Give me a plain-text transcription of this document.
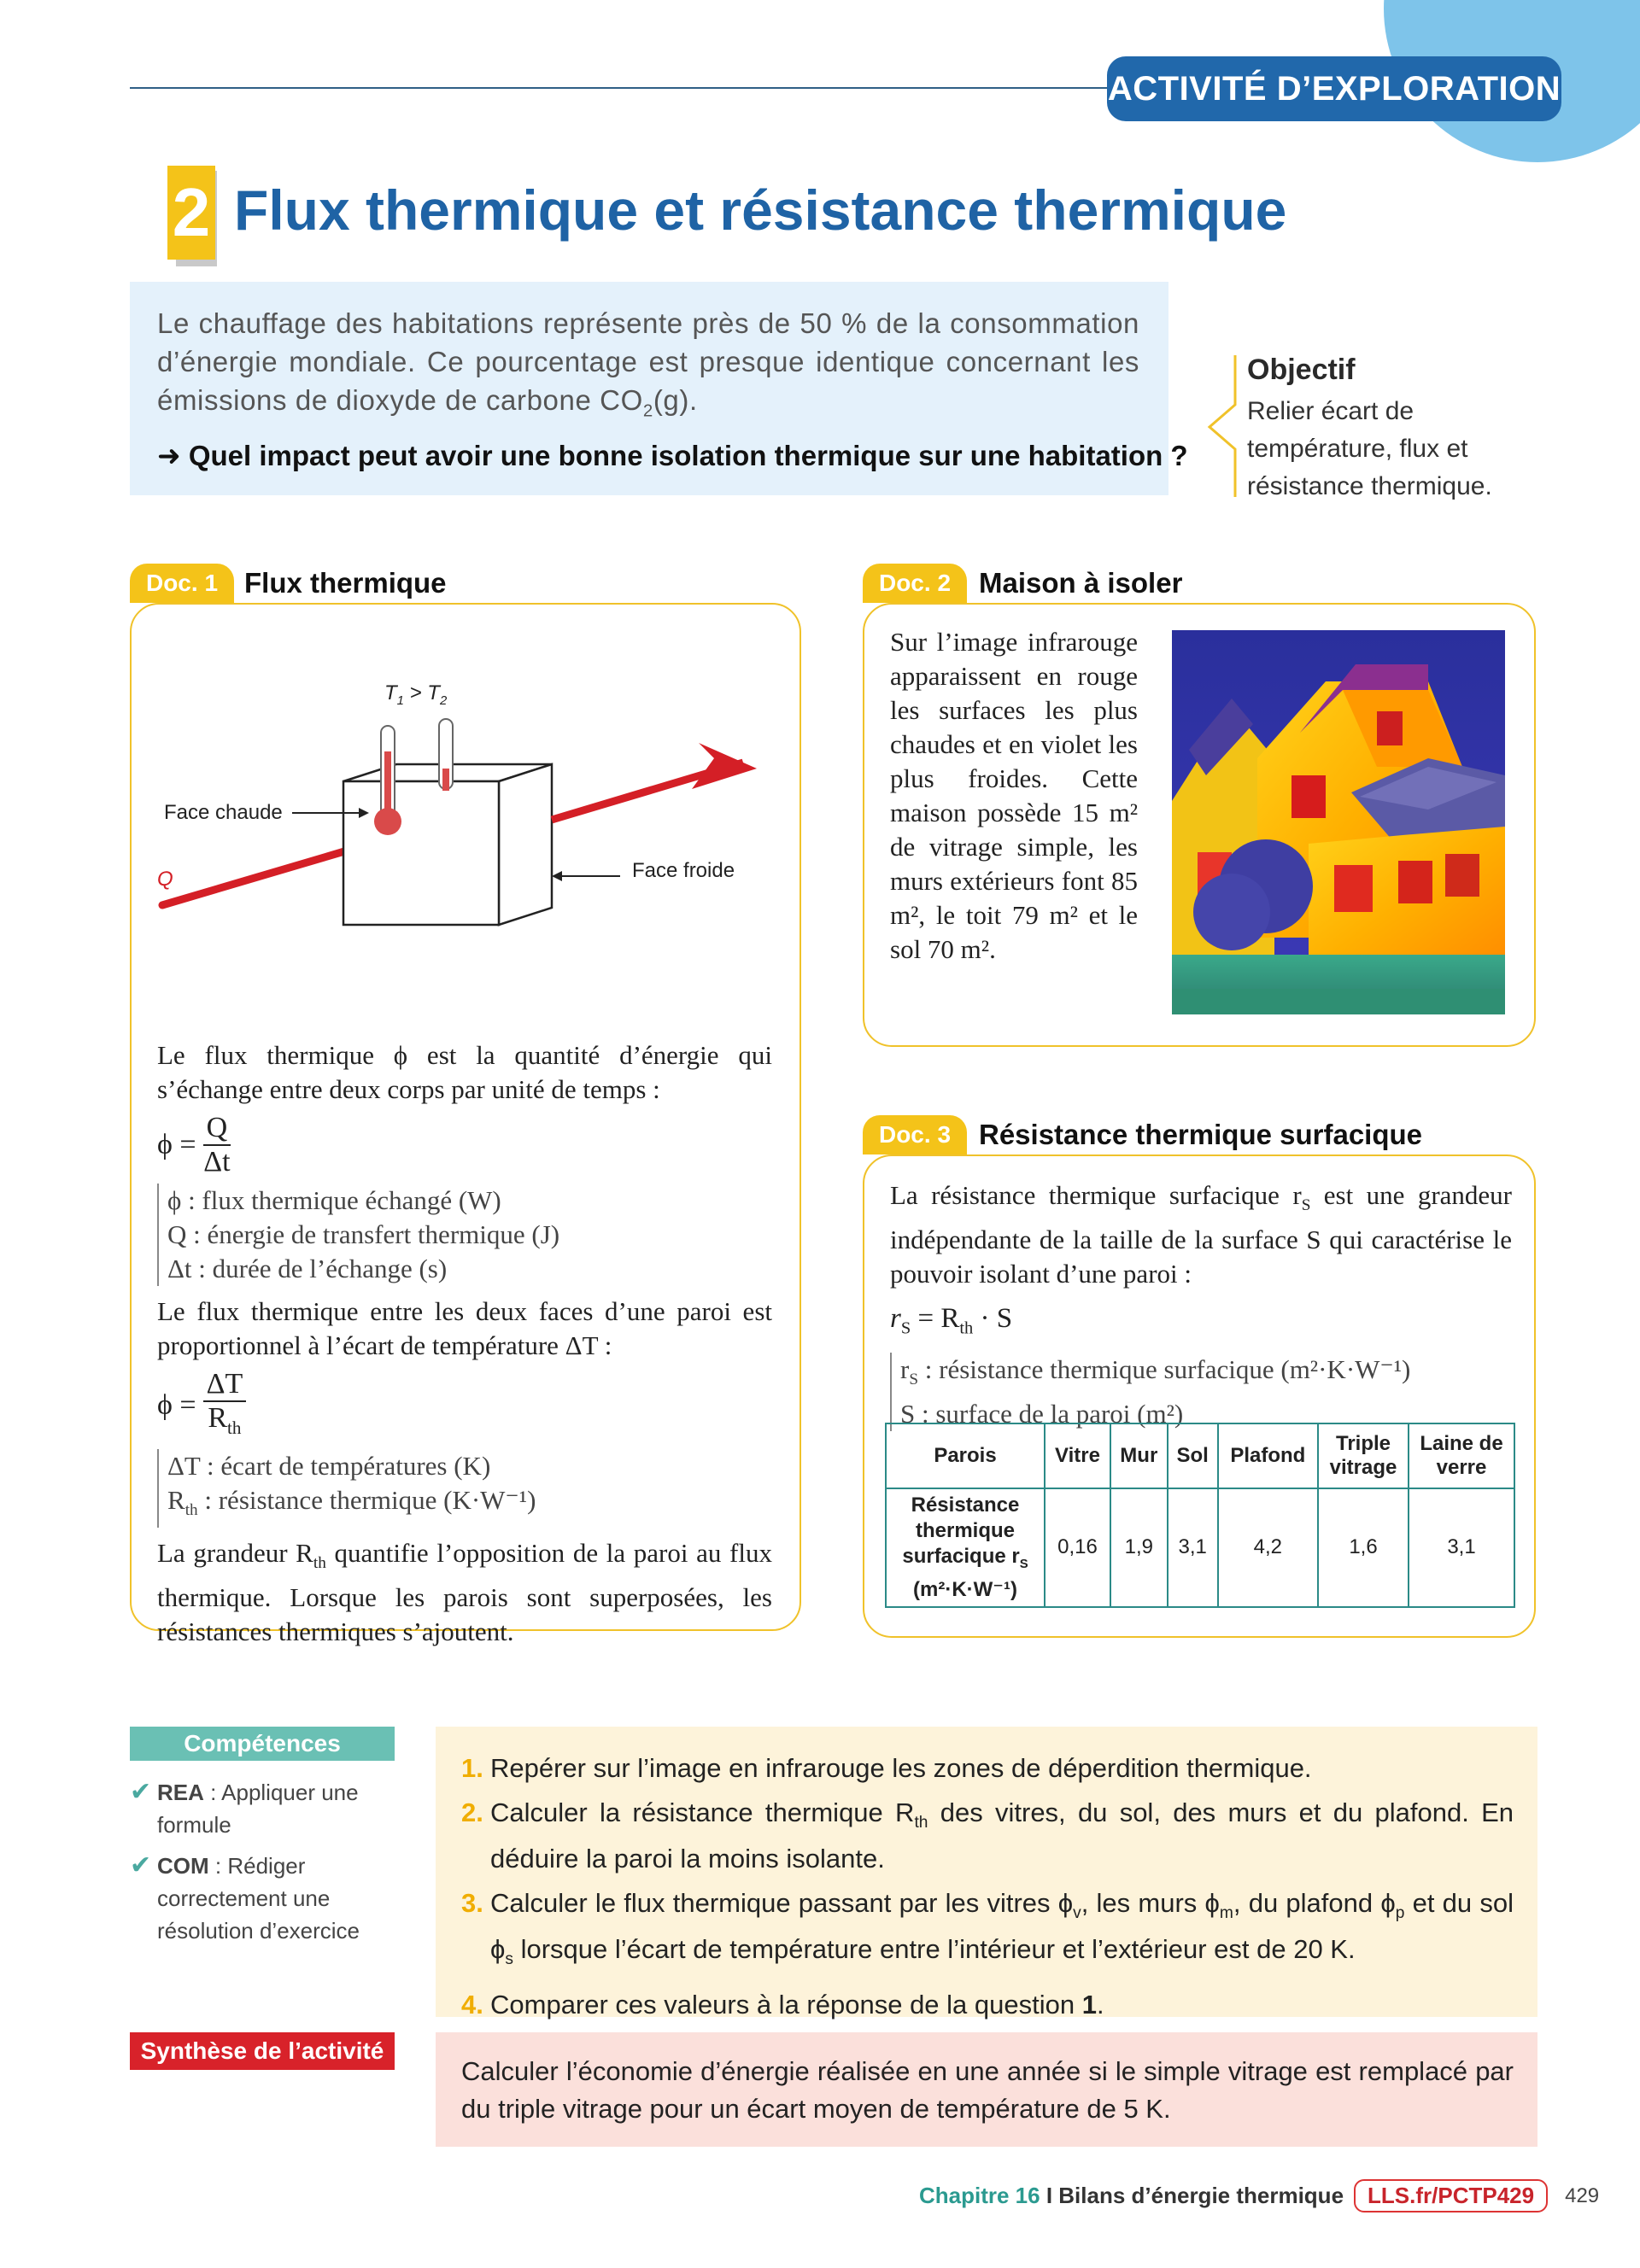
ACTIVITÉ D’EXPLORATION
2 Flux thermique et résistance thermique
Le chauffage des habitations représente près de 50 % de la consommation d’énergie mondiale. Ce pourcentage est presque identique concernant les émissions de dioxyde de carbone $CO_2(g)$.
➜ Quel impact peut avoir une bonne isolation thermique sur une habitation ?
Objectif
Relier écart de température, flux et résistance thermique.
Doc. 1 Flux thermique
$T_1 > T_2$
Face chaude
Face froide
Q
Le flux thermique ϕ est la quantité d’énergie qui s’échange entre deux corps par unité de temps :
$\phi = \frac{Q}{\Delta t}$
ϕ : flux thermique échangé (W)
Q : énergie de transfert thermique (J)
Δt : durée de l’échange (s)
Le flux thermique entre les deux faces d’une paroi est proportionnel à l’écart de température ΔT :
$\phi = \frac{\Delta T}{R_{th}}$
ΔT : écart de températures (K)
$R_{th}$ : résistance thermique (K·W⁻¹)
La grandeur $R_{th}$ quantifie l’opposition de la paroi au flux thermique. Lorsque les parois sont superposées, les résistances thermiques s’ajoutent.
Doc. 2 Maison à isoler
Sur l’image infrarouge apparaissent en rouge les surfaces les plus chaudes et en violet les plus froides. Cette maison possède 15 m² de vitrage simple, les murs extérieurs font 85 m², le toit 79 m² et le sol 70 m².
Doc. 3 Résistance thermique surfacique
La résistance thermique surfacique $r_S$ est une grandeur indépendante de la taille de la surface S qui caractérise le pouvoir isolant d’une paroi :
$r_S = R_{th} \cdot S$
$r_S$ : résistance thermique surfacique (m²·K·W⁻¹)
S : surface de la paroi (m²)
Parois	Vitre	Mur	Sol	Plafond	Triple vitrage	Laine de verre
Résistance thermique surfacique $r_S$
(m²·K·W⁻¹)	0,16	1,9	3,1	4,2	1,6	3,1
Compétences
✔ REA : Appliquer une formule
✔ COM : Rédiger correctement une résolution d’exercice
1. Repérer sur l’image en infrarouge les zones de déperdition thermique.
2. Calculer la résistance thermique $R_{th}$ des vitres, du sol, des murs et du plafond. En déduire la paroi la moins isolante.
3. Calculer le flux thermique passant par les vitres $\phi_v$, les murs $\phi_m$, du plafond $\phi_p$ et du sol $\phi_s$ lorsque l’écart de température entre l’intérieur et l’extérieur est de 20 K.
4. Comparer ces valeurs à la réponse de la question 1.
Synthèse de l’activité
Calculer l’économie d’énergie réalisée en une année si le simple vitrage est remplacé par du triple vitrage pour un écart moyen de température de 5 K.
Chapitre 16 I Bilans d’énergie thermique	LLS.fr/PCTP429	429
